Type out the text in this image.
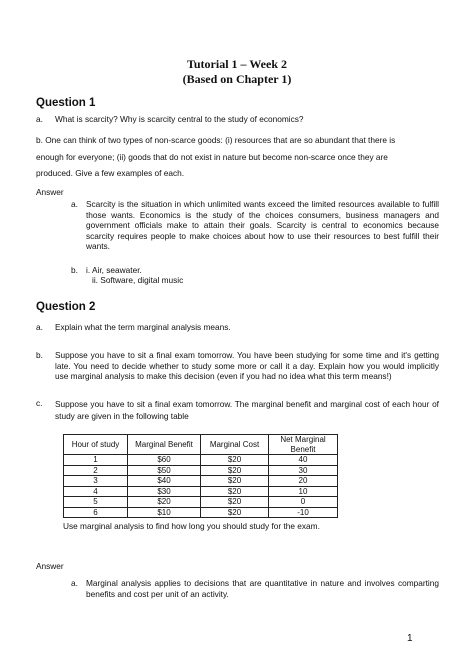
Tutorial 1 – Week 2
(Based on Chapter 1)
Question 1
a. What is scarcity? Why is scarcity central to the study of economics?
b. One can think of two types of non-scarce goods: (i) resources that are so abundant that there is
enough for everyone; (ii) goods that do not exist in nature but become non-scarce once they are
produced. Give a few examples of each.
Answer
a. Scarcity is the situation in which unlimited wants exceed the limited resources available to fulfill those wants. Economics is the study of the choices consumers, business managers and government officials make to attain their goals. Scarcity is central to economics because scarcity requires people to make choices about how to use their resources to best fulfill their wants.
b. i. Air, seawater.
ii. Software, digital music
Question 2
a. Explain what the term marginal analysis means.
b. Suppose you have to sit a final exam tomorrow. You have been studying for some time and it's getting late. You need to decide whether to study some more or call it a day. Explain how you would implicitly use marginal analysis to make this decision (even if you had no idea what this term means!)
c. Suppose you have to sit a final exam tomorrow. The marginal benefit and marginal cost of each hour of study are given in the following table
Hour of study	Marginal Benefit	Marginal Cost	Net Marginal Benefit
1	$60	$20	40
2	$50	$20	30
3	$40	$20	20
4	$30	$20	10
5	$20	$20	0
6	$10	$20	-10
Use marginal analysis to find how long you should study for the exam.
Answer
a. Marginal analysis applies to decisions that are quantitative in nature and involves comparting benefits and cost per unit of an activity.
1
